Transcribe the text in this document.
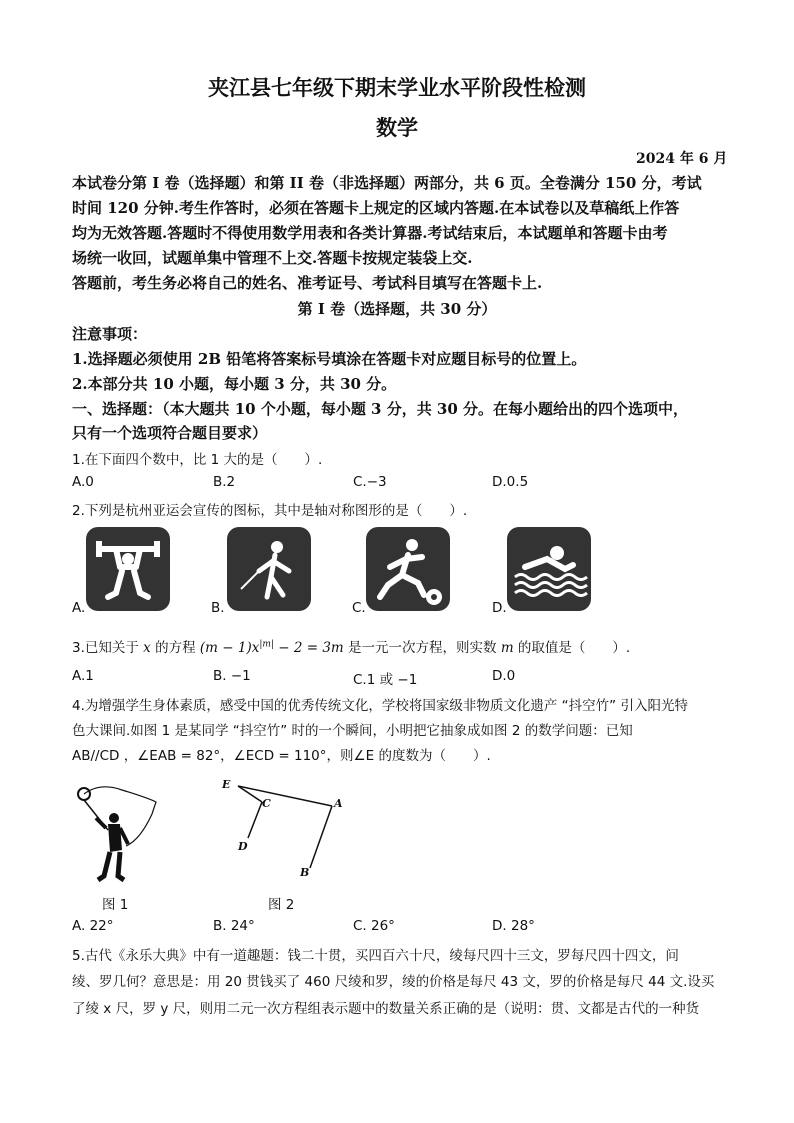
夹江县七年级下期末学业水平阶段性检测
数学
2024 年 6 月
本试卷分第 I 卷（选择题）和第 II 卷（非选择题）两部分，共 6 页。全卷满分 150 分，考试
时间 120 分钟.考生作答时，必须在答题卡上规定的区域内答题.在本试卷以及草稿纸上作答
均为无效答题.答题时不得使用数学用表和各类计算器.考试结束后，本试题单和答题卡由考
场统一收回，试题单集中管理不上交.答题卡按规定装袋上交.
答题前，考生务必将自己的姓名、准考证号、考试科目填写在答题卡上.
第 I 卷（选择题，共 30 分）
注意事项：
1.选择题必须使用 2B 铅笔将答案标号填涂在答题卡对应题目标号的位置上。
2.本部分共 10 小题，每小题 3 分，共 30 分。
一、选择题：（本大题共 10 个小题，每小题 3 分，共 30 分。在每小题给出的四个选项中，
只有一个选项符合题目要求）
1.在下面四个数中，比 1 大的是（　　）.
A.0	B.2	C.−3	D.0.5
2.下列是杭州亚运会宣传的图标，其中是轴对称图形的是（　　）.
A.	B.	C.	D.
3.已知关于 x 的方程 $(m - 1)x^{|m|} - 2 = 3m$ 是一元一次方程，则实数 m 的取值是（　　）.
A.1	B. −1	C.1 或 −1	D.0
4.为增强学生身体素质，感受中国的优秀传统文化，学校将国家级非物质文化遗产 “抖空竹” 引入阳光特
色大课间.如图 1 是某同学 “抖空竹” 时的一个瞬间，小明把它抽象成如图 2 的数学问题：已知
AB//CD ，∠EAB = 82°，∠ECD = 110°，则∠E 的度数为（　　）.
E
C	A
D
B
图 1	图 2
A. 22°	B. 24°	C. 26°	D. 28°
5.古代《永乐大典》中有一道趣题：钱二十贯，买四百六十尺，绫每尺四十三文，罗每尺四十四文，问
绫、罗几何？意思是：用 20 贯钱买了 460 尺绫和罗，绫的价格是每尺 43 文，罗的价格是每尺 44 文.设买
了绫 x 尺，罗 y 尺，则用二元一次方程组表示题中的数量关系正确的是（说明：贯、文都是古代的一种货
